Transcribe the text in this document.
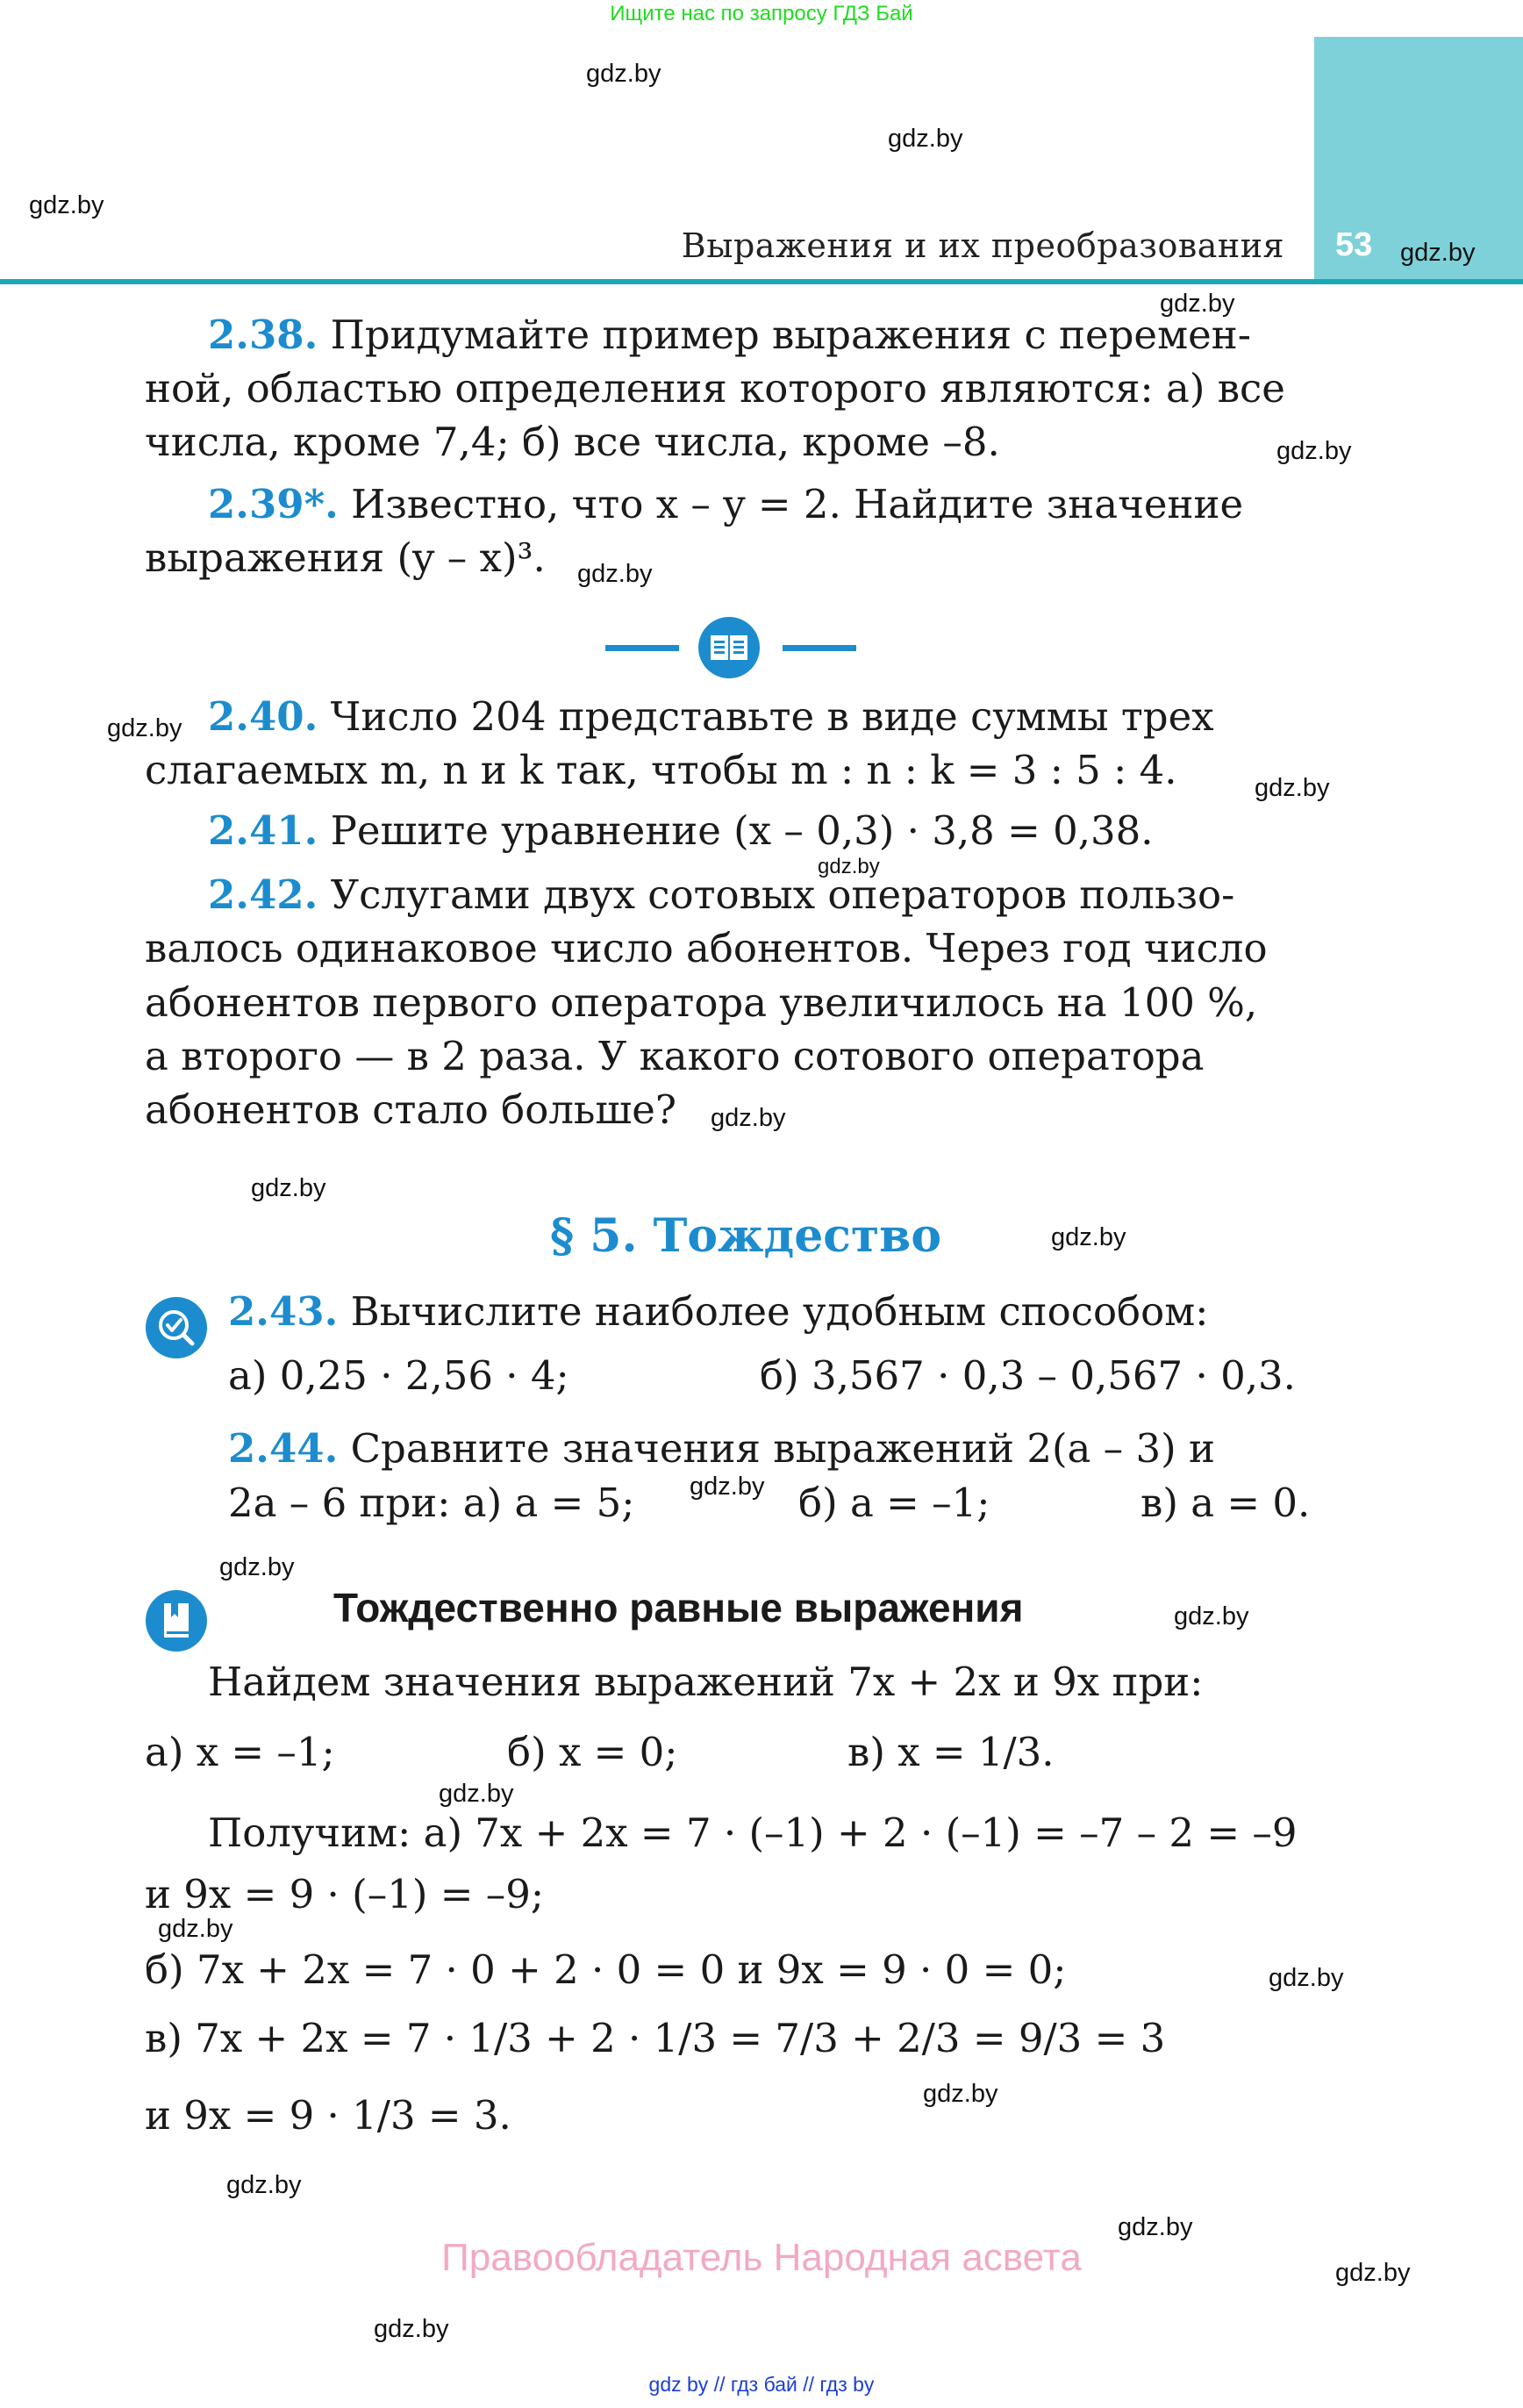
Ищите нас по запросу ГДЗ Бай
Выражения и их преобразования 53
gdz.by
gdz.by
gdz.by
gdz.by
gdz.by
gdz.by
gdz.by
gdz.by
gdz.by
gdz.by
gdz.by
gdz.by
gdz.by
gdz.by
gdz.by
gdz.by
gdz.by
gdz.by
gdz.by
gdz.by
gdz.by
gdz.by
gdz.by
gdz.by
2.38. Придумайте пример выражения с перемен-
ной, областью определения которого являются: а) все
числа, кроме 7,4; б) все числа, кроме –8.
2.39*. Известно, что x – y = 2. Найдите значение
выражения (y – x)³.
2.40. Число 204 представьте в виде суммы трех
слагаемых m, n и k так, чтобы m : n : k = 3 : 5 : 4.
2.41. Решите уравнение (x – 0,3) · 3,8 = 0,38.
2.42. Услугами двух сотовых операторов пользо-
валось одинаковое число абонентов. Через год число
абонентов первого оператора увеличилось на 100 %,
а второго — в 2 раза. У какого сотового оператора
абонентов стало больше?
§ 5. Тождество
2.43. Вычислите наиболее удобным способом:
а) 0,25 · 2,56 · 4;	б) 3,567 · 0,3 – 0,567 · 0,3.
2.44. Сравните значения выражений 2(a – 3) и
2a – 6 при: а) a = 5;	б) a = –1;	в) a = 0.
Тождественно равные выражения
Найдем значения выражений 7x + 2x и 9x при:
а) x = –1;	б) x = 0;	в) x = 1/3.
Получим: а) 7x + 2x = 7 · (–1) + 2 · (–1) = –7 – 2 = –9
и 9x = 9 · (–1) = –9;
б) 7x + 2x = 7 · 0 + 2 · 0 = 0 и 9x = 9 · 0 = 0;
в) 7x + 2x = 7 · 1/3 + 2 · 1/3 = 7/3 + 2/3 = 9/3 = 3
и 9x = 9 · 1/3 = 3.
Правообладатель Народная асвета
gdz by // гдз бай // гдз by
